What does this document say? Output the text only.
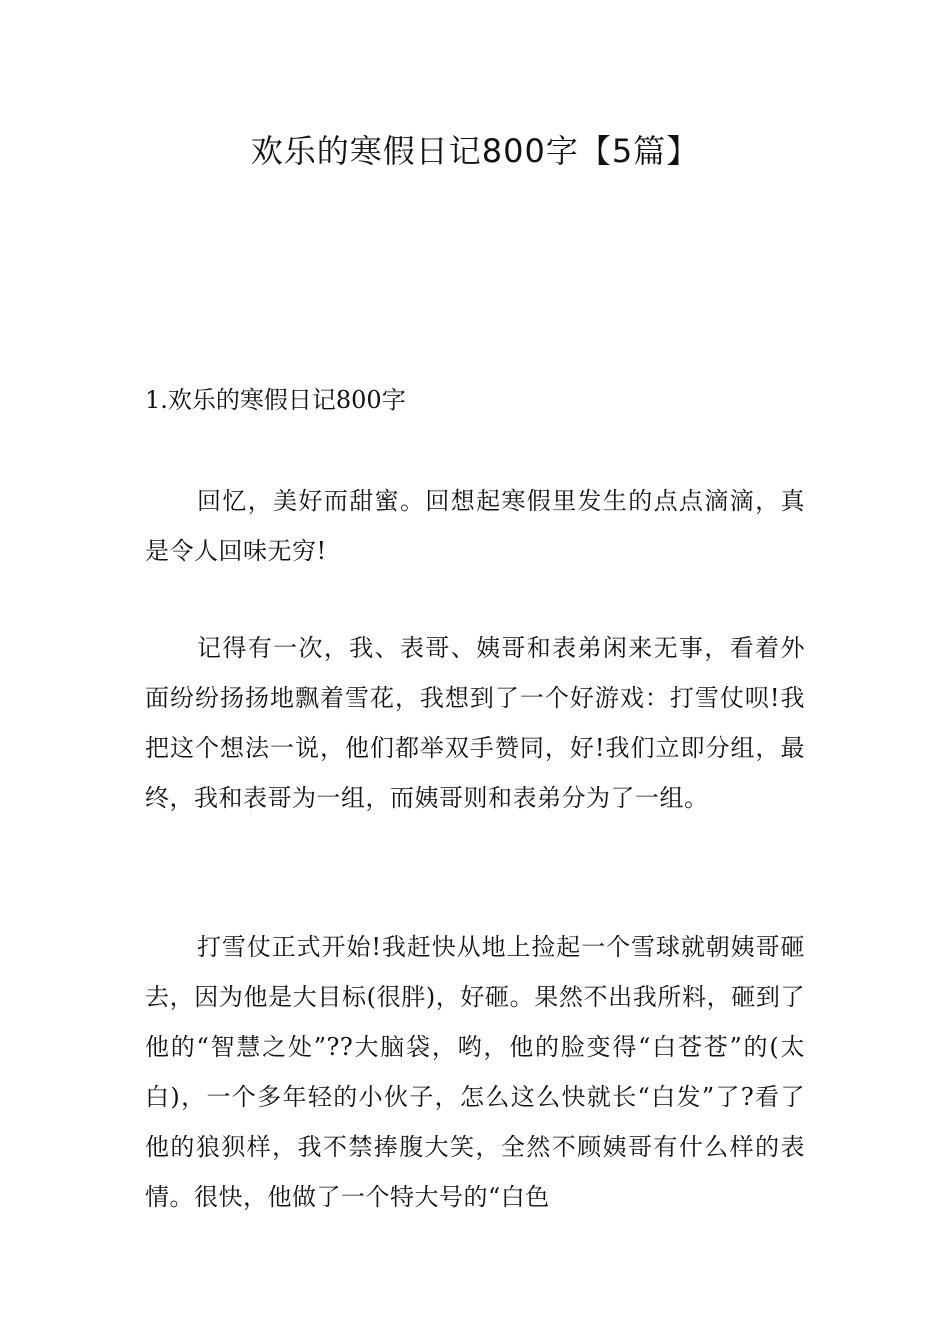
欢乐的寒假日记800字【5篇】
1.欢乐的寒假日记800字

回忆，美好而甜蜜。回想起寒假里发生的点点滴滴，真是令人回味无穷!

记得有一次，我、表哥、姨哥和表弟闲来无事，看着外面纷纷扬扬地飘着雪花，我想到了一个好游戏：打雪仗呗!我把这个想法一说，他们都举双手赞同，好!我们立即分组，最终，我和表哥为一组，而姨哥则和表弟分为了一组。

打雪仗正式开始!我赶快从地上捡起一个雪球就朝姨哥砸去，因为他是大目标(很胖)，好砸。果然不出我所料，砸到了他的“智慧之处”??大脑袋，哟，他的脸变得“白苍苍”的(太白)，一个多年轻的小伙子，怎么这么快就长“白发”了?看了他的狼狈样，我不禁捧腹大笑，全然不顾姨哥有什么样的表情。很快，他做了一个特大号的“白色
